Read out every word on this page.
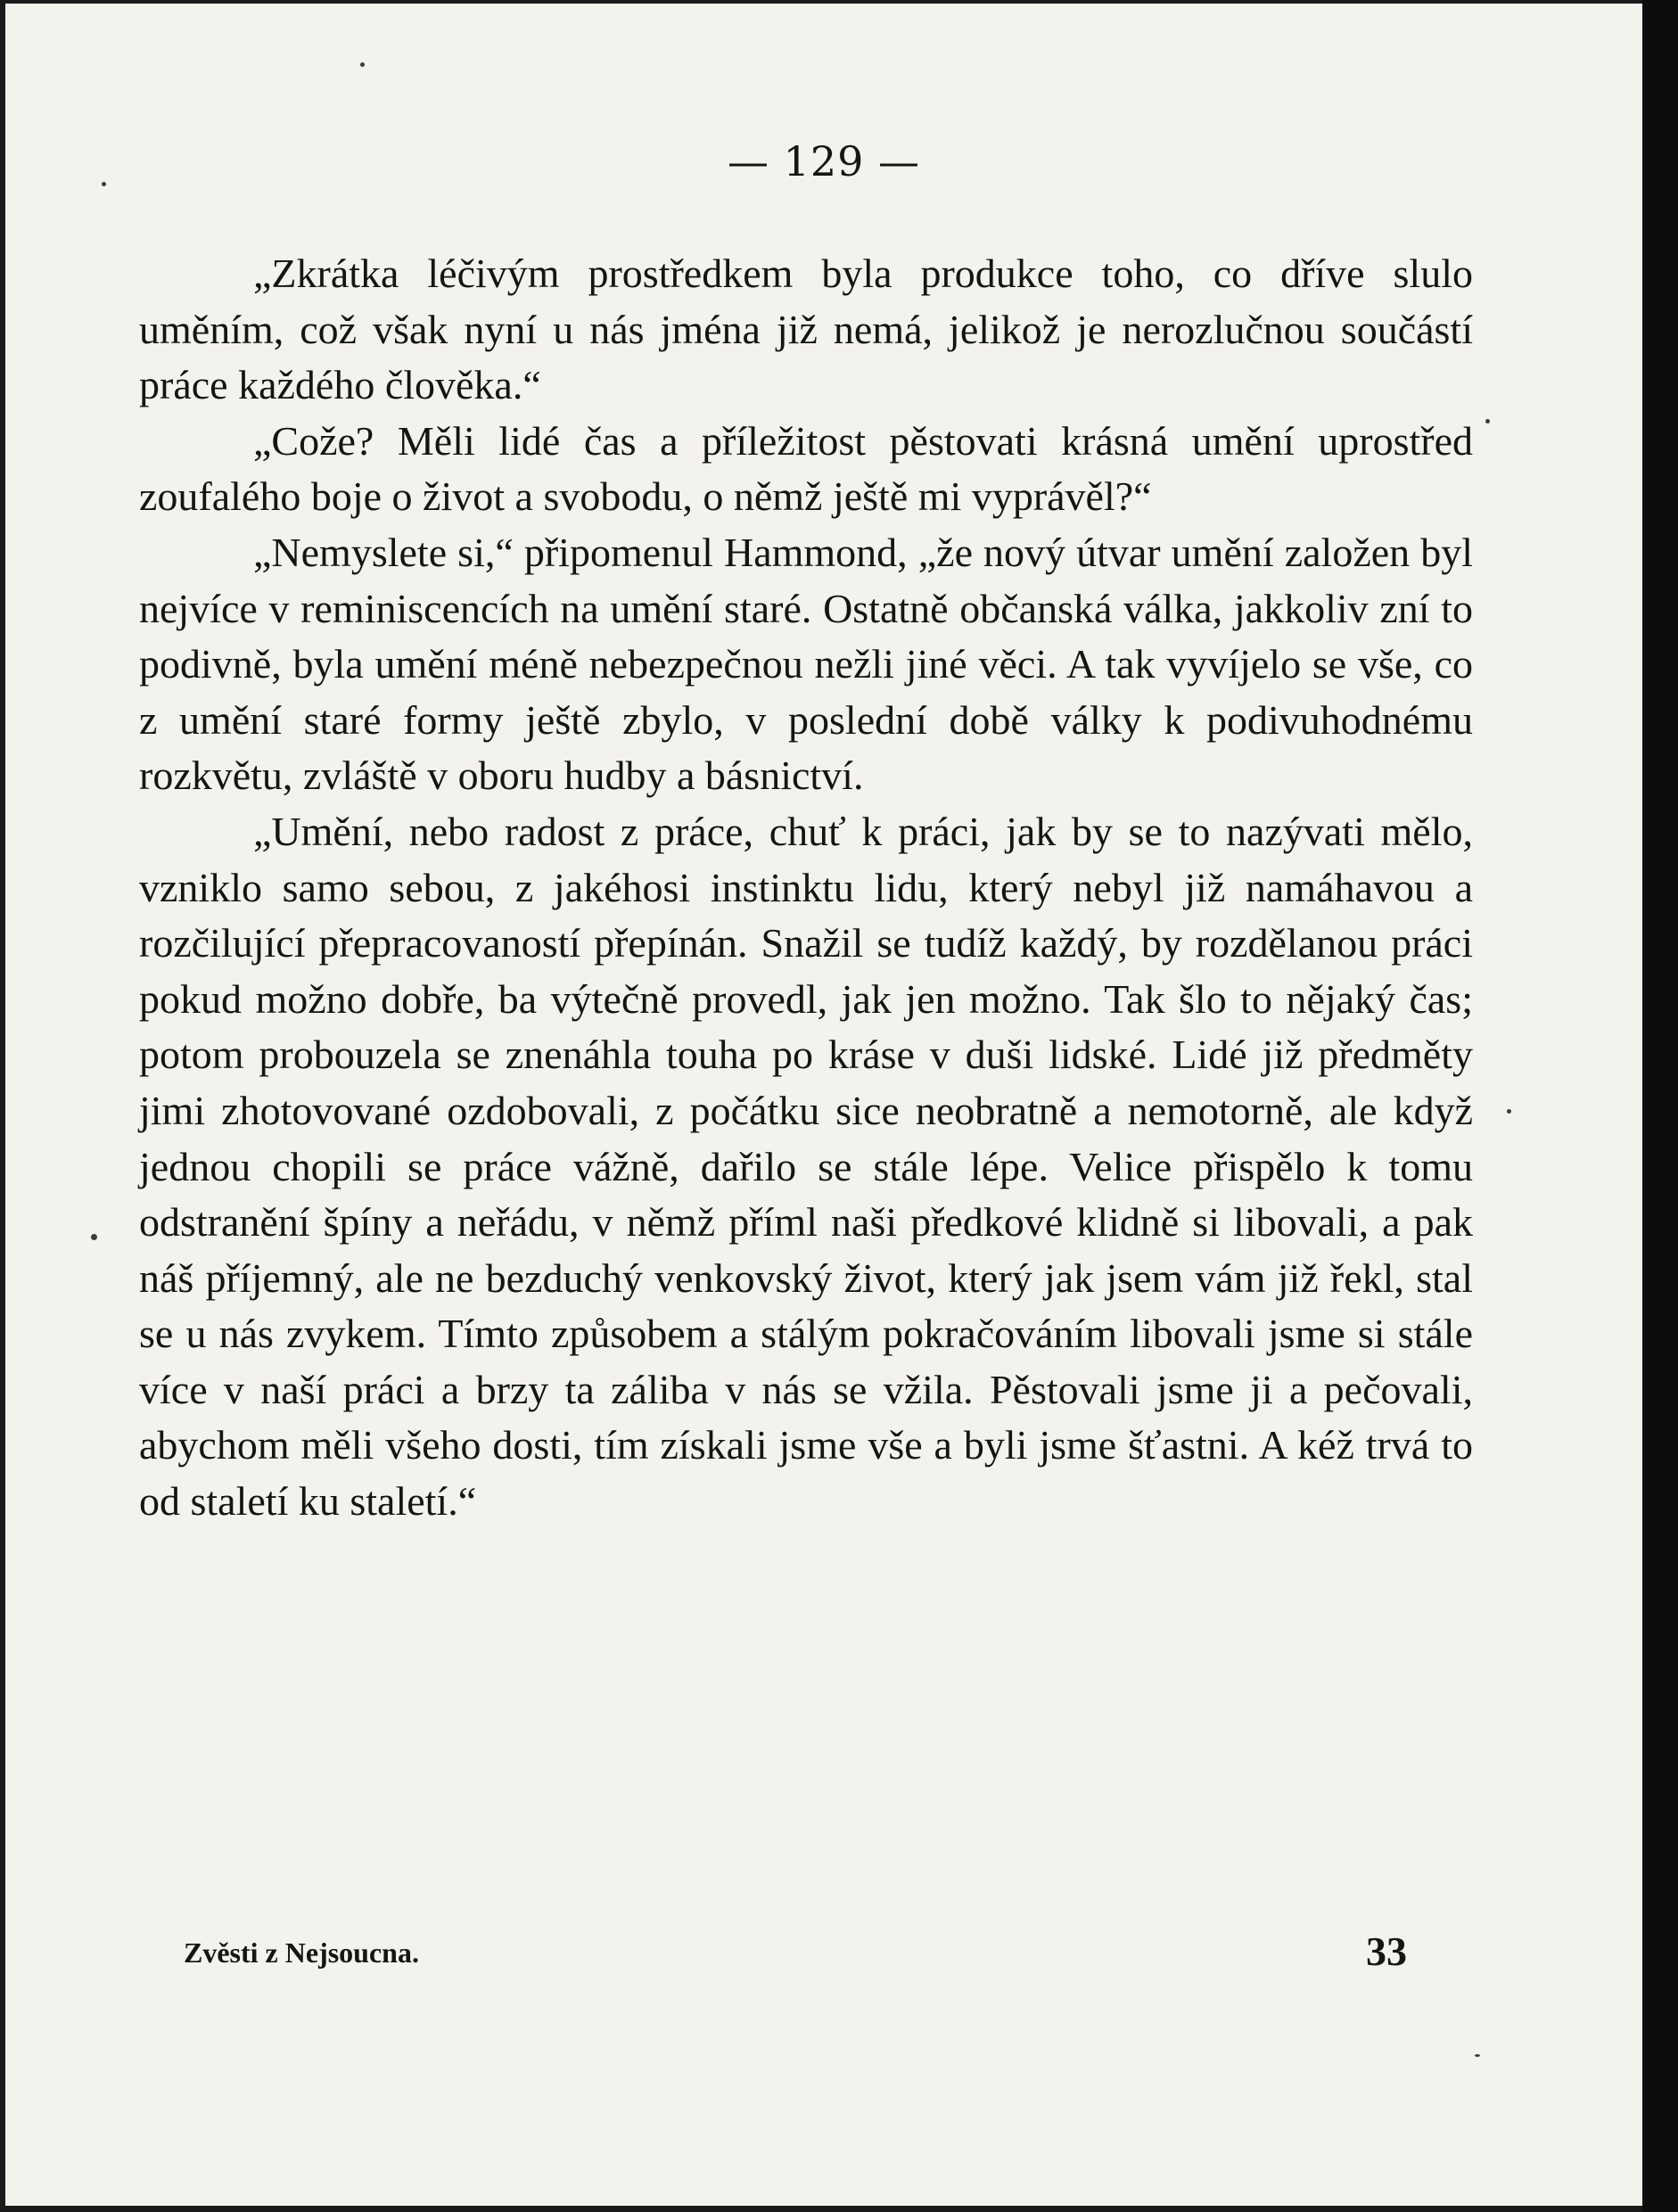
— 129 —

„Zkrátka léčivým prostředkem byla produkce toho, co dříve slulo uměním, což však nyní u nás jména již nemá, jelikož je nerozlučnou součástí práce každého člověka.“

„Cože? Měli lidé čas a příležitost pěstovati krásná umění uprostřed zoufalého boje o život a svobodu, o němž ještě mi vyprávěl?“

„Nemyslete si,“ připomenul Hammond, „že nový útvar umění založen byl nejvíce v reminiscencích na umění staré. Ostatně občanská válka, jakkoliv zní to podivně, byla umění méně nebezpečnou nežli jiné věci. A tak vyvíjelo se vše, co z umění staré formy ještě zbylo, v poslední době války k podivuhodnému rozkvětu, zvláště v oboru hudby a básnictví.

„Umění, nebo radost z práce, chuť k práci, jak by se to nazývati mělo, vzniklo samo sebou, z jakéhosi instinktu lidu, který nebyl již namáhavou a rozčilující přepracovaností přepínán. Snažil se tudíž každý, by rozdělanou práci pokud možno dobře, ba výtečně provedl, jak jen možno. Tak šlo to nějaký čas; potom probouzela se znenáhla touha po kráse v duši lidské. Lidé již předměty jimi zhotovované ozdobovali, z počátku sice neobratně a nemotorně, ale když jednou chopili se práce vážně, dařilo se stále lépe. Velice přispělo k tomu odstranění špíny a neřádu, v němž příml naši předkové klidně si libovali, a pak náš příjemný, ale ne bezduchý venkovský život, který jak jsem vám již řekl, stal se u nás zvykem. Tímto způsobem a stálým pokračováním libovali jsme si stále více v naší práci a brzy ta záliba v nás se vžila. Pěstovali jsme ji a pečovali, abychom měli všeho dosti, tím získali jsme vše a byli jsme šťastni. A kéž trvá to od staletí ku staletí.“

Zvěsti z Nejsoucna.	33
